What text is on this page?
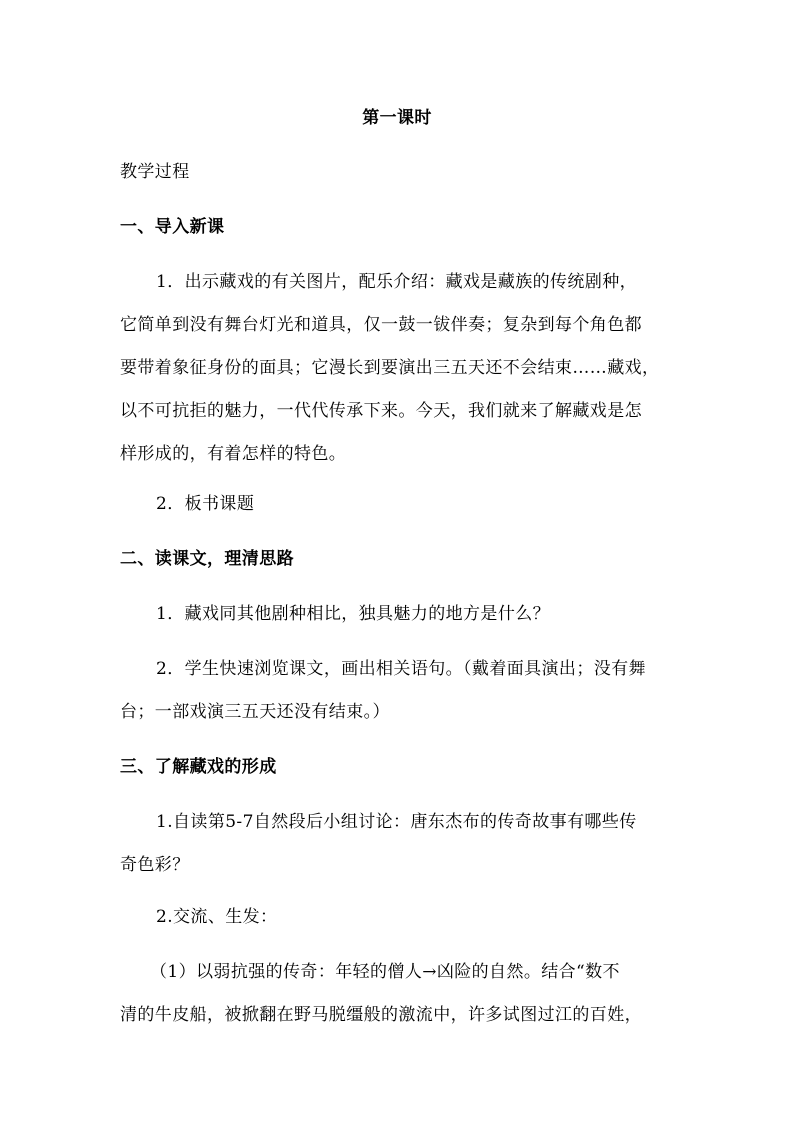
第一课时
教学过程
一、导入新课
1．出示藏戏的有关图片，配乐介绍：藏戏是藏族的传统剧种，
它简单到没有舞台灯光和道具，仅一鼓一钹伴奏；复杂到每个角色都
要带着象征身份的面具；它漫长到要演出三五天还不会结束……藏戏，
以不可抗拒的魅力，一代代传承下来。今天，我们就来了解藏戏是怎
样形成的，有着怎样的特色。
2．板书课题
二、读课文，理清思路
1．藏戏同其他剧种相比，独具魅力的地方是什么？
2．学生快速浏览课文，画出相关语句。（戴着面具演出；没有舞
台；一部戏演三五天还没有结束。）
三、了解藏戏的形成
1.自读第5-7自然段后小组讨论：唐东杰布的传奇故事有哪些传
奇色彩？
2.交流、生发：
（1）以弱抗强的传奇：年轻的僧人→凶险的自然。结合“数不
清的牛皮船，被掀翻在野马脱缰般的激流中，许多试图过江的百姓，
